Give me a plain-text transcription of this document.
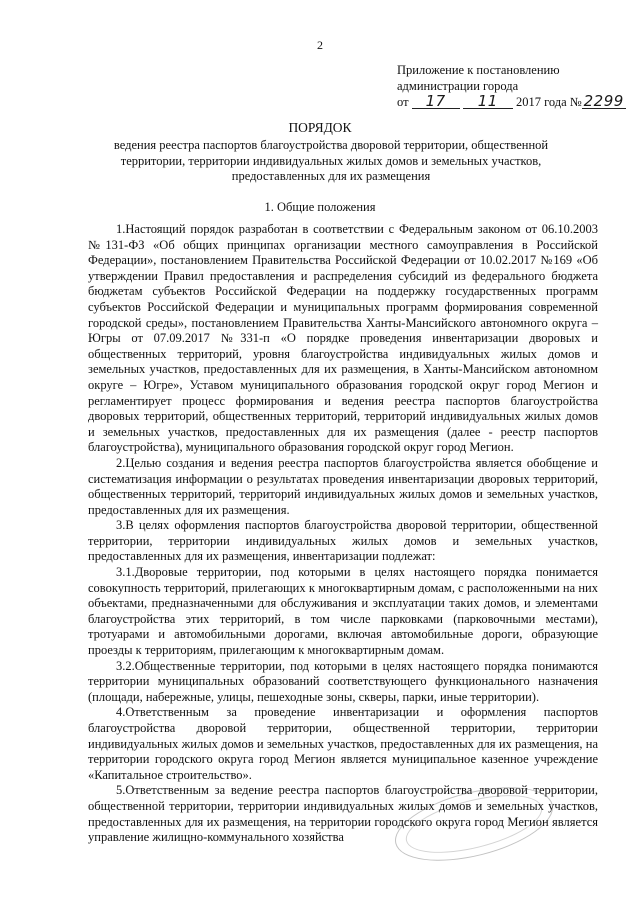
2
Приложение к постановлению
администрации города
от 17 11 2017 года № 2299
ПОРЯДОК
ведения реестра паспортов благоустройства дворовой территории, общественной территории, территории индивидуальных жилых домов и земельных участков, предоставленных для их размещения
1. Общие положения

1.Настоящий порядок разработан в соответствии с Федеральным законом от 06.10.2003 №131-ФЗ «Об общих принципах организации местного самоуправления в Российской Федерации», постановлением Правительства Российской Федерации от 10.02.2017 №169 «Об утверждении Правил предоставления и распределения субсидий из федерального бюджета бюджетам субъектов Российской Федерации на поддержку государственных программ субъектов Российской Федерации и муниципальных программ формирования современной городской среды», постановлением Правительства Ханты-Мансийского автономного округа – Югры от 07.09.2017 №331-п «О порядке проведения инвентаризации дворовых и общественных территорий, уровня благоустройства индивидуальных жилых домов и земельных участков, предоставленных для их размещения, в Ханты-Мансийском автономном округе – Югре», Уставом муниципального образования городской округ город Мегион и регламентирует процесс формирования и ведения реестра паспортов благоустройства дворовых территорий, общественных территорий, территорий индивидуальных жилых домов и земельных участков, предоставленных для их размещения (далее - реестр паспортов благоустройства), муниципального образования городской округ город Мегион.

2.Целью создания и ведения реестра паспортов благоустройства является обобщение и систематизация информации о результатах проведения инвентаризации дворовых территорий, общественных территорий, территорий индивидуальных жилых домов и земельных участков, предоставленных для их размещения.

3.В целях оформления паспортов благоустройства дворовой территории, общественной территории, территории индивидуальных жилых домов и земельных участков, предоставленных для их размещения, инвентаризации подлежат:

3.1.Дворовые территории, под которыми в целях настоящего порядка понимается совокупность территорий, прилегающих к многоквартирным домам, с расположенными на них объектами, предназначенными для обслуживания и эксплуатации таких домов, и элементами благоустройства этих территорий, в том числе парковками (парковочными местами), тротуарами и автомобильными дорогами, включая автомобильные дороги, образующие проезды к территориям, прилегающим к многоквартирным домам.

3.2.Общественные территории, под которыми в целях настоящего порядка понимаются территории муниципальных образований соответствующего функционального назначения (площади, набережные, улицы, пешеходные зоны, скверы, парки, иные территории).

4.Ответственным за проведение инвентаризации и оформления паспортов благоустройства дворовой территории, общественной территории, территории индивидуальных жилых домов и земельных участков, предоставленных для их размещения, на территории городского округа город Мегион является муниципальное казенное учреждение «Капитальное строительство».

5.Ответственным за ведение реестра паспортов благоустройства дворовой территории, общественной территории, территории индивидуальных жилых домов и земельных участков, предоставленных для их размещения, на территории городского округа город Мегион является управление жилищно-коммунального хозяйства
